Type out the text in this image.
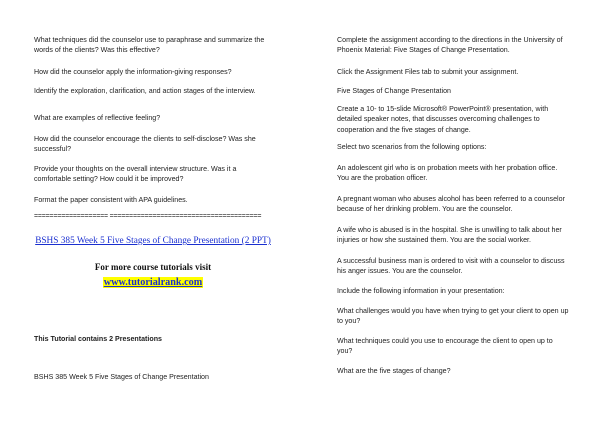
What techniques did the counselor use to paraphrase and summarize the words of the clients? Was this effective?

How did the counselor apply the information-giving responses?

Identify the exploration, clarification, and action stages of the interview.

What are examples of reflective feeling?

How did the counselor encourage the clients to self-disclose? Was she successful?

Provide your thoughts on the overall interview structure. Was it a comfortable setting? How could it be improved?

Format the paper consistent with APA guidelines.

=================== =======================================

BSHS 385 Week 5 Five Stages of Change Presentation (2 PPT)

For more course tutorials visit

www.tutorialrank.com

This Tutorial contains 2 Presentations

BSHS 385 Week 5 Five Stages of Change Presentation

Complete the assignment according to the directions in the University of Phoenix Material: Five Stages of Change Presentation.

Click the Assignment Files tab to submit your assignment.

Five Stages of Change Presentation

Create a 10- to 15-slide Microsoft® PowerPoint® presentation, with detailed speaker notes, that discusses overcoming challenges to cooperation and the five stages of change.

Select two scenarios from the following options:

An adolescent girl who is on probation meets with her probation office. You are the probation officer.

A pregnant woman who abuses alcohol has been referred to a counselor because of her drinking problem. You are the counselor.

A wife who is abused is in the hospital. She is unwilling to talk about her injuries or how she sustained them. You are the social worker.

A successful business man is ordered to visit with a counselor to discuss his anger issues. You are the counselor.

Include the following information in your presentation:

What challenges would you have when trying to get your client to open up to you?

What techniques could you use to encourage the client to open up to you?

What are the five stages of change?
